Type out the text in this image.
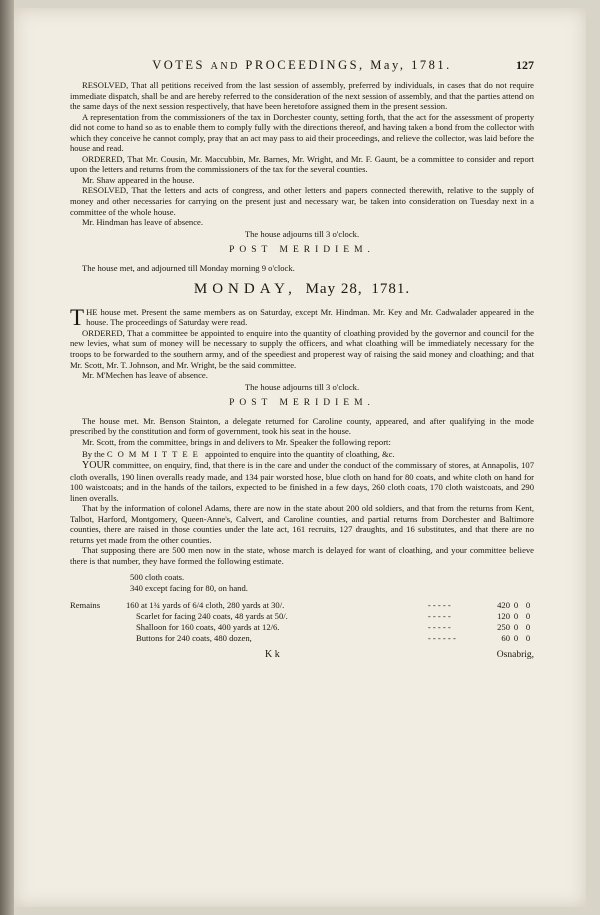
VOTES AND PROCEEDINGS, May, 1781.	127

RESOLVED, That all petitions received from the last session of assembly, preferred by individuals, in cases that do not require immediate dispatch, shall be and are hereby referred to the consideration of the next session of assembly, and that the parties attend on the same days of the next session respectively, that have been heretofore assigned them in the present session.

A representation from the commissioners of the tax in Dorchester county, setting forth, that the act for the assessment of property did not come to hand so as to enable them to comply fully with the directions thereof, and having taken a bond from the collector with which they conceive he cannot comply, pray that an act may pass to aid their proceedings, and relieve the collector, was laid before the house and read.

ORDERED, That Mr. Cousin, Mr. Maccubbin, Mr. Barnes, Mr. Wright, and Mr. F. Gaunt, be a committee to consider and report upon the letters and returns from the commissioners of the tax for the several counties.

Mr. Shaw appeared in the house.

RESOLVED, That the letters and acts of congress, and other letters and papers connected therewith, relative to the supply of money and other necessaries for carrying on the present just and necessary war, be taken into consideration on Tuesday next in a committee of the whole house.

Mr. Hindman has leave of absence.

The house adjourns till 3 o'clock.

POST MERIDIEM.

The house met, and adjourned till Monday morning 9 o'clock.

MONDAY, May 28, 1781.

THE house met. Present the same members as on Saturday, except Mr. Hindman. Mr. Key and Mr. Cadwalader appeared in the house. The proceedings of Saturday were read.

ORDERED, That a committee be appointed to enquire into the quantity of cloathing provided by the governor and council for the new levies, what sum of money will be necessary to supply the officers, and what cloathing will be immediately necessary for the troops to be forwarded to the southern army, and of the speediest and properest way of raising the said money and cloathing; and that Mr. Scott, Mr. T. Johnson, and Mr. Wright, be the said committee.

Mr. M'Mechen has leave of absence.

The house adjourns till 3 o'clock.

POST MERIDIEM.

The house met. Mr. Benson Stainton, a delegate returned for Caroline county, appeared, and after qualifying in the mode prescribed by the constitution and form of government, took his seat in the house.

Mr. Scott, from the committee, brings in and delivers to Mr. Speaker the following report:

By the COMMITTEE appointed to enquire into the quantity of cloathing, &c.

YOUR committee, on enquiry, find, that there is in the care and under the conduct of the commissary of stores, at Annapolis, 107 cloth overalls, 190 linen overalls ready made, and 134 pair worsted hose, blue cloth on hand for 80 coats, and white cloth on hand for 100 waistcoats; and in the hands of the tailors, expected to be finished in a few days, 260 cloth coats, 170 cloth waistcoats, and 290 linen overalls.

That by the information of colonel Adams, there are now in the state about 200 old soldiers, and that from the returns from Kent, Talbot, Harford, Montgomery, Queen-Anne's, Calvert, and Caroline counties, and partial returns from Dorchester and Baltimore counties, there are raised in those counties under the late act, 161 recruits, 127 draughts, and 16 substitutes, and that there are no returns yet made from the other counties.

That supposing there are 500 men now in the state, whose march is delayed for want of cloathing, and your committee believe there is that number, they have formed the following estimate.

500 cloth coats.

340 except facing for 80, on hand.

Remains	160 at 1¾ yards of 6/4 cloth, 280 yards at 30/.	- - - - -	420	0	0
	Scarlet for facing 240 coats, 48 yards at 50/.	- - - - -	120	0	0
	Shalloon for 160 coats, 400 yards at 12/6.	- - - - -	250	0	0
	Buttons for 240 coats, 480 dozen,	- - - - - -	60	0	0
K k	Osnabrig,
